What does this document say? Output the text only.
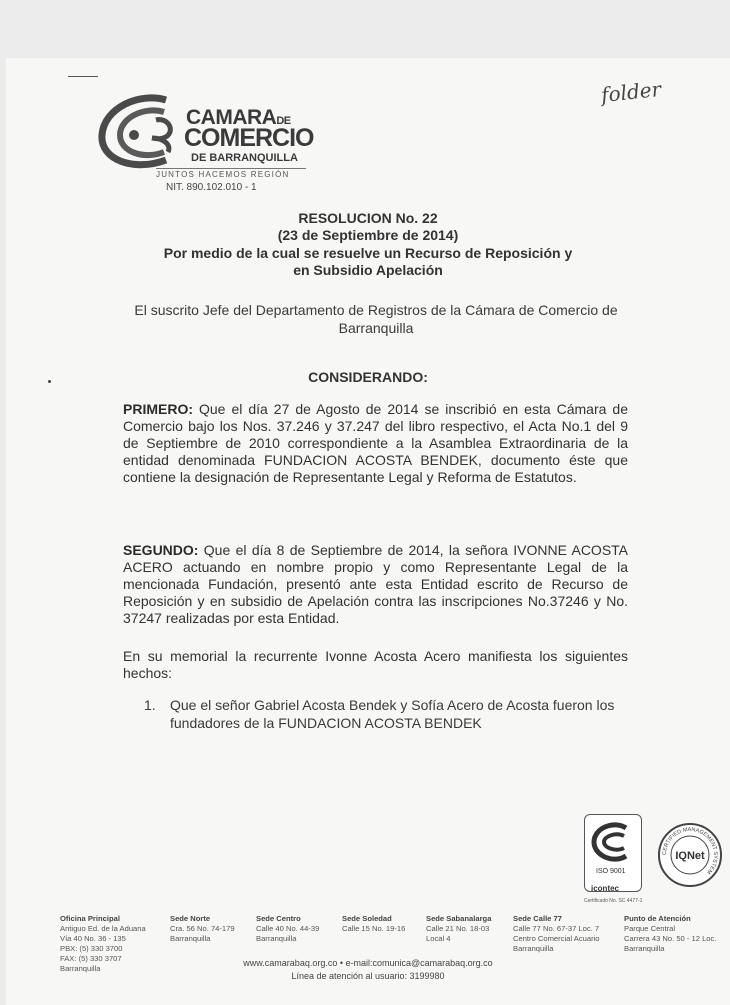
folder
CAMARADE
COMERCIO
DE BARRANQUILLA
JUNTOS HACEMOS REGIÓN
NIT. 890.102.010 - 1
RESOLUCION No. 22
(23 de Septiembre de 2014)
Por medio de la cual se resuelve un Recurso de Reposición y
en Subsidio Apelación
El suscrito Jefe del Departamento de Registros de la Cámara de Comercio de Barranquilla
CONSIDERANDO:
PRIMERO: Que el día 27 de Agosto de 2014 se inscribió en esta Cámara de Comercio bajo los Nos. 37.246 y 37.247 del libro respectivo, el Acta No.1 del 9 de Septiembre de 2010 correspondiente a la Asamblea Extraordinaria de la entidad denominada FUNDACION ACOSTA BENDEK, documento éste que contiene la designación de Representante Legal y Reforma de Estatutos.
SEGUNDO: Que el día 8 de Septiembre de 2014, la señora IVONNE ACOSTA ACERO actuando en nombre propio y como Representante Legal de la mencionada Fundación, presentó ante esta Entidad escrito de Recurso de Reposición y en subsidio de Apelación contra las inscripciones No.37246 y No. 37247 realizadas por esta Entidad.
En su memorial la recurrente Ivonne Acosta Acero manifiesta los siguientes hechos:
1. Que el señor Gabriel Acosta Bendek y Sofía Acero de Acosta fueron los fundadores de la FUNDACION ACOSTA BENDEK
ISO 9001
icontec
Certificado No. SC 4477-1
CERTIFIED MANAGEMENT SYSTEM
IQNet
Oficina Principal
Antiguo Ed. de la Aduana
Vía 40 No. 36 - 135
PBX: (5) 330 3700
FAX: (5) 330 3707
Barranquilla
Sede Norte
Cra. 56 No. 74-179
Barranquilla
Sede Centro
Calle 40 No. 44-39
Barranquilla
Sede Soledad
Calle 15 No. 19-16
Sede Sabanalarga
Calle 21 No. 18-03
Local 4
Sede Calle 77
Calle 77 No. 67-37 Loc. 7
Centro Comercial Acuario
Barranquilla
Punto de Atención
Parque Central
Carrera 43 No. 50 - 12 Loc.
Barranquilla
www.camarabaq.org.co • e-mail:comunica@camarabaq.org.co
Línea de atención al usuario: 3199980
